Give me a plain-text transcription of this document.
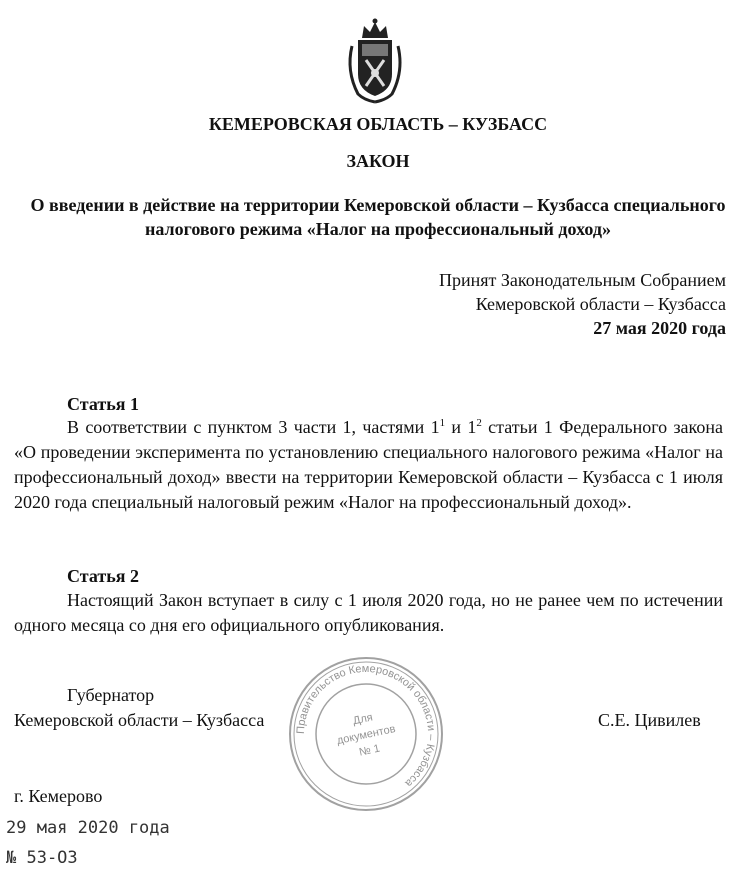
КЕМЕРОВСКАЯ ОБЛАСТЬ – КУЗБАСС
ЗАКОН
О введении в действие на территории Кемеровской области – Кузбасса специального налогового режима «Налог на профессиональный доход»
Принят Законодательным Собранием
Кемеровской области – Кузбасса
27 мая 2020 года
Статья 1

В соответствии с пунктом 3 части 1, частями $1^1$ и $1^2$ статьи 1 Федерального закона «О проведении эксперимента по установлению специального налогового режима «Налог на профессиональный доход» ввести на территории Кемеровской области – Кузбасса с 1 июля 2020 года специальный налоговый режим «Налог на профессиональный доход».

Статья 2

Настоящий Закон вступает в силу с 1 июля 2020 года, но не ранее чем по истечении одного месяца со дня его официального опубликования.

Правительство Кемеровской области – Кузбасса
Для
документов
№ 1
Губернатор
Кемеровской области – Кузбасса	С.Е. Цивилев
г. Кемерово
29 мая 2020 года
№ 53-ОЗ
